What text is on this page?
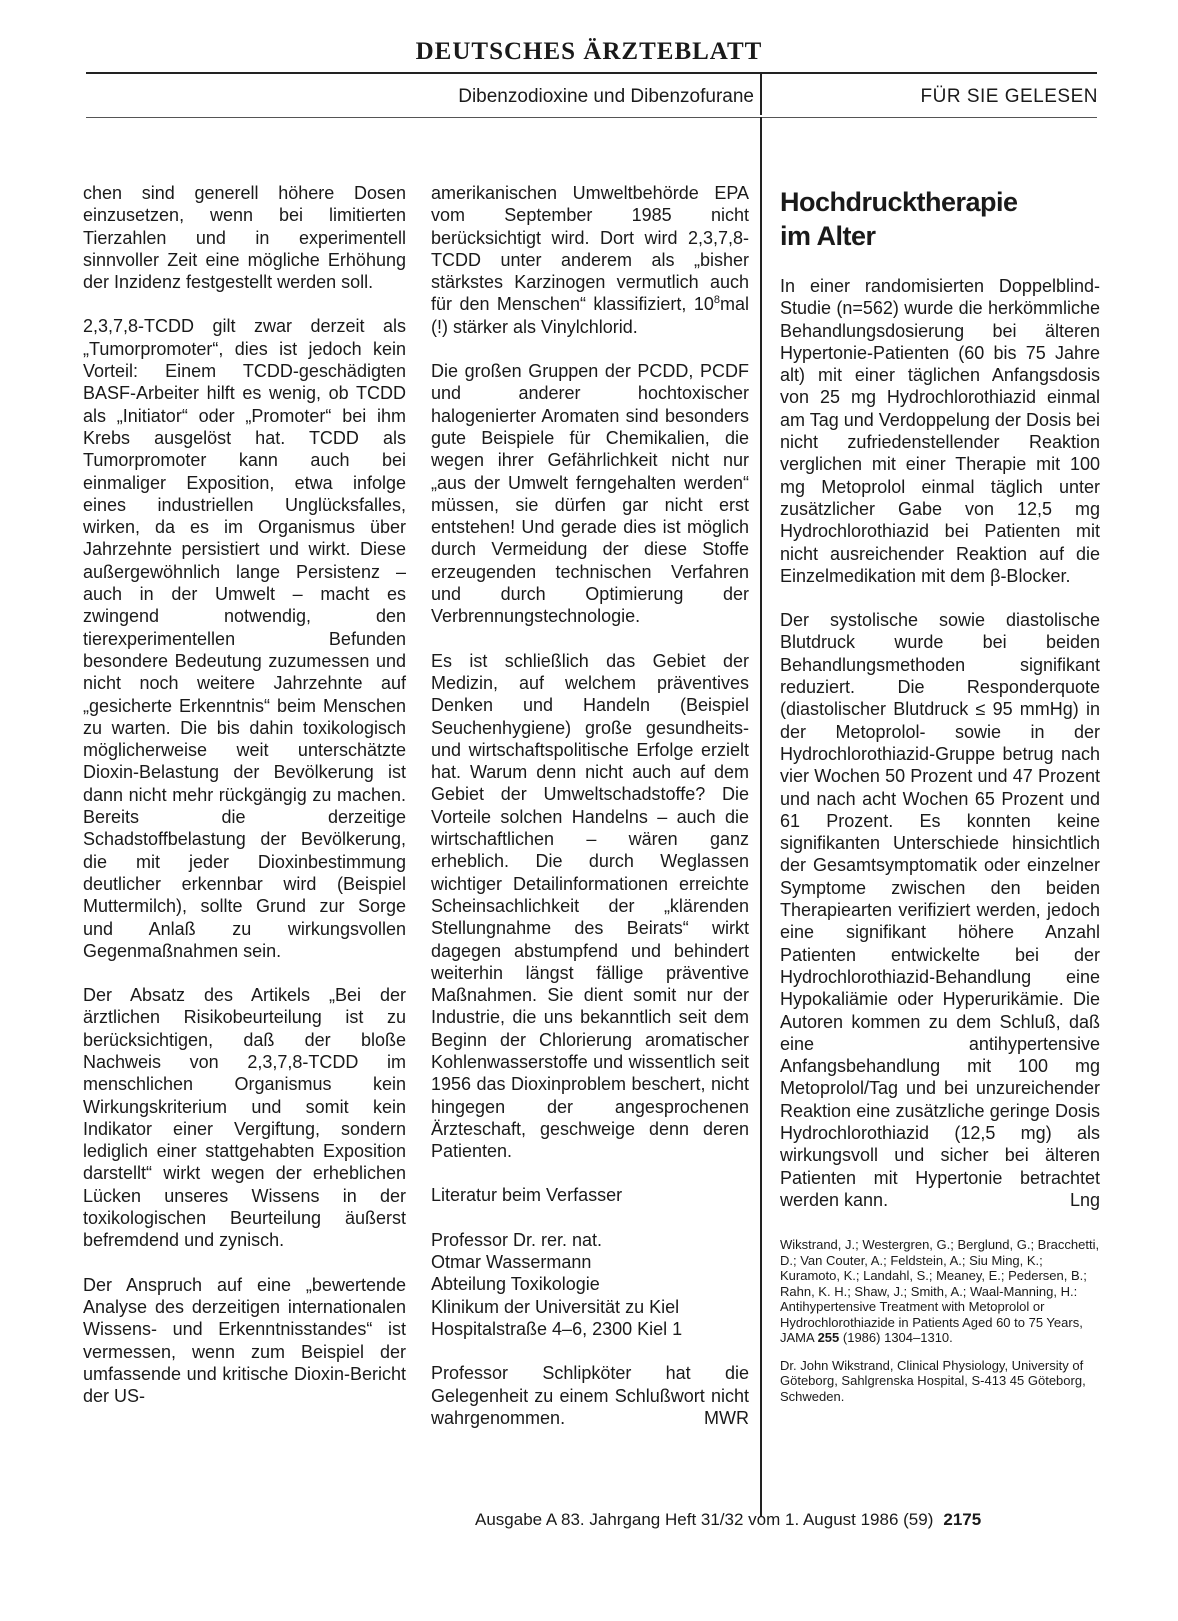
DEUTSCHES ÄRZTEBLATT
Dibenzodioxine und Dibenzofurane	FÜR SIE GELESEN

chen sind generell höhere Dosen einzusetzen, wenn bei limitierten Tierzahlen und in experimentell sinnvoller Zeit eine mögliche Erhöhung der Inzidenz festgestellt werden soll.

2,3,7,8-TCDD gilt zwar derzeit als „Tumorpromoter“, dies ist jedoch kein Vorteil: Einem TCDD-geschädigten BASF-Arbeiter hilft es wenig, ob TCDD als „Initiator“ oder „Promoter“ bei ihm Krebs ausgelöst hat. TCDD als Tumorpromoter kann auch bei einmaliger Exposition, etwa infolge eines industriellen Unglücksfalles, wirken, da es im Organismus über Jahrzehnte persistiert und wirkt. Diese außergewöhnlich lange Persistenz – auch in der Umwelt – macht es zwingend notwendig, den tierexperimentellen Befunden besondere Bedeutung zuzumessen und nicht noch weitere Jahrzehnte auf „gesicherte Erkenntnis“ beim Menschen zu warten. Die bis dahin toxikologisch möglicherweise weit unterschätzte Dioxin-Belastung der Bevölkerung ist dann nicht mehr rückgängig zu machen. Bereits die derzeitige Schadstoffbelastung der Bevölkerung, die mit jeder Dioxinbestimmung deutlicher erkennbar wird (Beispiel Muttermilch), sollte Grund zur Sorge und Anlaß zu wirkungsvollen Gegenmaßnahmen sein.

Der Absatz des Artikels „Bei der ärztlichen Risikobeurteilung ist zu berücksichtigen, daß der bloße Nachweis von 2,3,7,8-TCDD im menschlichen Organismus kein Wirkungskriterium und somit kein Indikator einer Vergiftung, sondern lediglich einer stattgehabten Exposition darstellt“ wirkt wegen der erheblichen Lücken unseres Wissens in der toxikologischen Beurteilung äußerst befremdend und zynisch.

Der Anspruch auf eine „bewertende Analyse des derzeitigen internationalen Wissens- und Erkenntnisstandes“ ist vermessen, wenn zum Beispiel der umfassende und kritische Dioxin-Bericht der US-

amerikanischen Umweltbehörde EPA vom September 1985 nicht berücksichtigt wird. Dort wird 2,3,7,8-TCDD unter anderem als „bisher stärkstes Karzinogen vermutlich auch für den Menschen“ klassifiziert, $10^8mal$ (!) stärker als Vinylchlorid.

Die großen Gruppen der PCDD, PCDF und anderer hochtoxischer halogenierter Aromaten sind besonders gute Beispiele für Chemikalien, die wegen ihrer Gefährlichkeit nicht nur „aus der Umwelt ferngehalten werden“ müssen, sie dürfen gar nicht erst entstehen! Und gerade dies ist möglich durch Vermeidung der diese Stoffe erzeugenden technischen Verfahren und durch Optimierung der Verbrennungstechnologie.

Es ist schließlich das Gebiet der Medizin, auf welchem präventives Denken und Handeln (Beispiel Seuchenhygiene) große gesundheits- und wirtschaftspolitische Erfolge erzielt hat. Warum denn nicht auch auf dem Gebiet der Umweltschadstoffe? Die Vorteile solchen Handelns – auch die wirtschaftlichen – wären ganz erheblich. Die durch Weglassen wichtiger Detailinformationen erreichte Scheinsachlichkeit der „klärenden Stellungnahme des Beirats“ wirkt dagegen abstumpfend und behindert weiterhin längst fällige präventive Maßnahmen. Sie dient somit nur der Industrie, die uns bekanntlich seit dem Beginn der Chlorierung aromatischer Kohlenwasserstoffe und wissentlich seit 1956 das Dioxinproblem beschert, nicht hingegen der angesprochenen Ärzteschaft, geschweige denn deren Patienten.

Literatur beim Verfasser

Professor Dr. rer. nat.
Otmar Wassermann
Abteilung Toxikologie
Klinikum der Universität zu Kiel
Hospitalstraße 4–6, 2300 Kiel 1

Professor Schlipköter hat die Gelegenheit zu einem Schlußwort nicht wahrgenommen.	MWR

Hochdrucktherapie
im Alter

In einer randomisierten Doppelblind-Studie (n=562) wurde die herkömmliche Behandlungsdosierung bei älteren Hypertonie-Patienten (60 bis 75 Jahre alt) mit einer täglichen Anfangsdosis von 25 mg Hydrochlorothiazid einmal am Tag und Verdoppelung der Dosis bei nicht zufriedenstellender Reaktion verglichen mit einer Therapie mit 100 mg Metoprolol einmal täglich unter zusätzlicher Gabe von 12,5 mg Hydrochlorothiazid bei Patienten mit nicht ausreichender Reaktion auf die Einzelmedikation mit dem β-Blocker.

Der systolische sowie diastolische Blutdruck wurde bei beiden Behandlungsmethoden signifikant reduziert. Die Responderquote (diastolischer Blutdruck ≤ 95 mmHg) in der Metoprolol- sowie in der Hydrochlorothiazid-Gruppe betrug nach vier Wochen 50 Prozent und 47 Prozent und nach acht Wochen 65 Prozent und 61 Prozent. Es konnten keine signifikanten Unterschiede hinsichtlich der Gesamtsymptomatik oder einzelner Symptome zwischen den beiden Therapiearten verifiziert werden, jedoch eine signifikant höhere Anzahl Patienten entwickelte bei der Hydrochlorothiazid-Behandlung eine Hypokaliämie oder Hyperurikämie. Die Autoren kommen zu dem Schluß, daß eine antihypertensive Anfangsbehandlung mit 100 mg Metoprolol/Tag und bei unzureichender Reaktion eine zusätzliche geringe Dosis Hydrochlorothiazid (12,5 mg) als wirkungsvoll und sicher bei älteren Patienten mit Hypertonie betrachtet werden kann.	Lng

Wikstrand, J.; Westergren, G.; Berglund, G.; Bracchetti, D.; Van Couter, A.; Feldstein, A.; Siu Ming, K.; Kuramoto, K.; Landahl, S.; Meaney, E.; Pedersen, B.; Rahn, K. H.; Shaw, J.; Smith, A.; Waal-Manning, H.: Antihypertensive Treatment with Metoprolol or Hydrochlorothiazide in Patients Aged 60 to 75 Years, JAMA 255 (1986) 1304–1310.

Dr. John Wikstrand, Clinical Physiology, University of Göteborg, Sahlgrenska Hospital, S-413 45 Göteborg, Schweden.

Ausgabe A 83. Jahrgang Heft 31/32 vom 1. August 1986 (59) 2175
